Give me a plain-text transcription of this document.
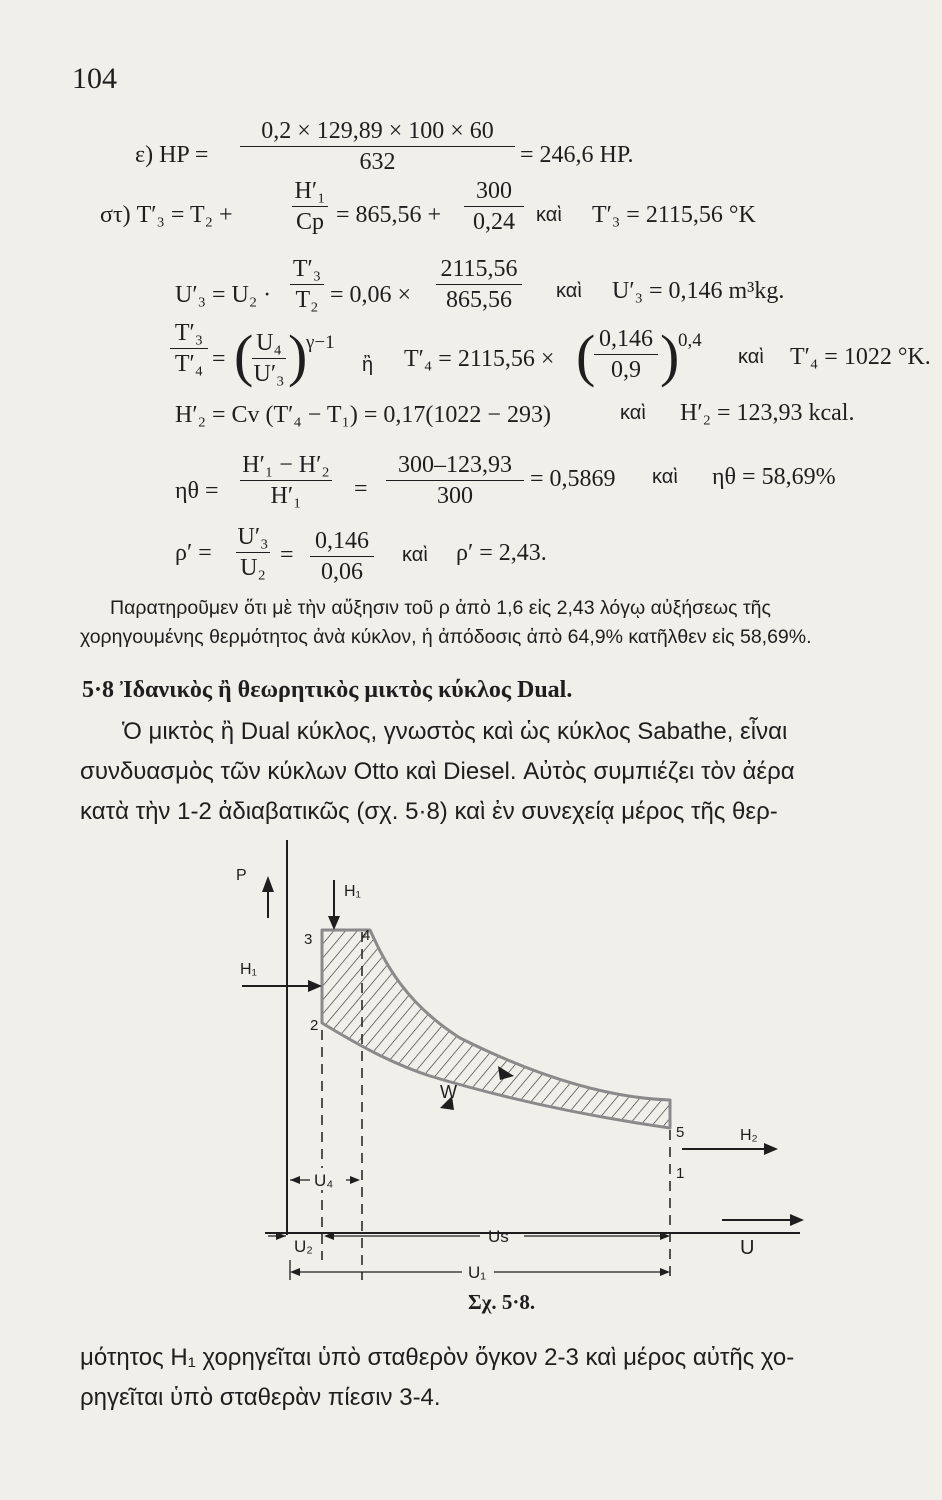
104
ε) HP =
0,2 × 129,89 × 100 × 60
632	= 246,6 HP.
στ) T′₃ = T₂ +
H′₁
Cp = 865,56 +
300
0,24	καὶ T′₃ = 2115,56 °K
U′₃ = U₂ ·
T′₃
T₂ = 0,06 ×
2115,56
865,56	καὶ U′₃ = 0,146 m³kg.
T′₃
T′₄ = ( U₄
U′₃ )
γ−1
ἢ T′₄ = 2115,56 × ( 0,146
0,9 )
0,4
καὶ T′₄ = 1022 °K.
H′₂ = Cv (T′₄ − T₁) = 0,17(1022 − 293)	καὶ H′₂ = 123,93 kcal.
ηθ =
H′₁ − H′₂
H′₁	=
300–123,93
300
= 0,5869 καὶ ηθ = 58,69%
ρ′ =
U′₃
U₂
=
0,146
0,06
καὶ ρ′ = 2,43.
Παρατηροῦμεν ὅτι μὲ τὴν αὔξησιν τοῦ ρ ἀπὸ 1,6 εἰς 2,43 λόγῳ αὐξήσεως τῆς
χορηγουμένης θερμότητος ἀνὰ κύκλον, ἡ ἀπόδοσις ἀπὸ 64,9% κατῆλθεν εἰς 58,69%.
5·8 Ἰδανικὸς ἢ θεωρητικὸς μικτὸς κύκλος Dual.
Ὁ μικτὸς ἢ Dual κύκλος, γνωστὸς καὶ ὡς κύκλος Sabathe, εἶναι
συνδυασμὸς τῶν κύκλων Otto καὶ Diesel. Αὐτὸς συμπιέζει τὸν ἀέρα
κατὰ τὴν 1-2 ἀδιαβατικῶς (σχ. 5·8) καὶ ἐν συνεχείᾳ μέρος τῆς θερ-
P
U
H₁
H₁
H₂
3	4
2
5
1
W
U₄
U₂
Us
U₁
Σχ. 5·8.
μότητος H₁ χορηγεῖται ὑπὸ σταθερὸν ὄγκον 2-3 καὶ μέρος αὐτῆς χο-
ρηγεῖται ὑπὸ σταθερὰν πίεσιν 3-4.
